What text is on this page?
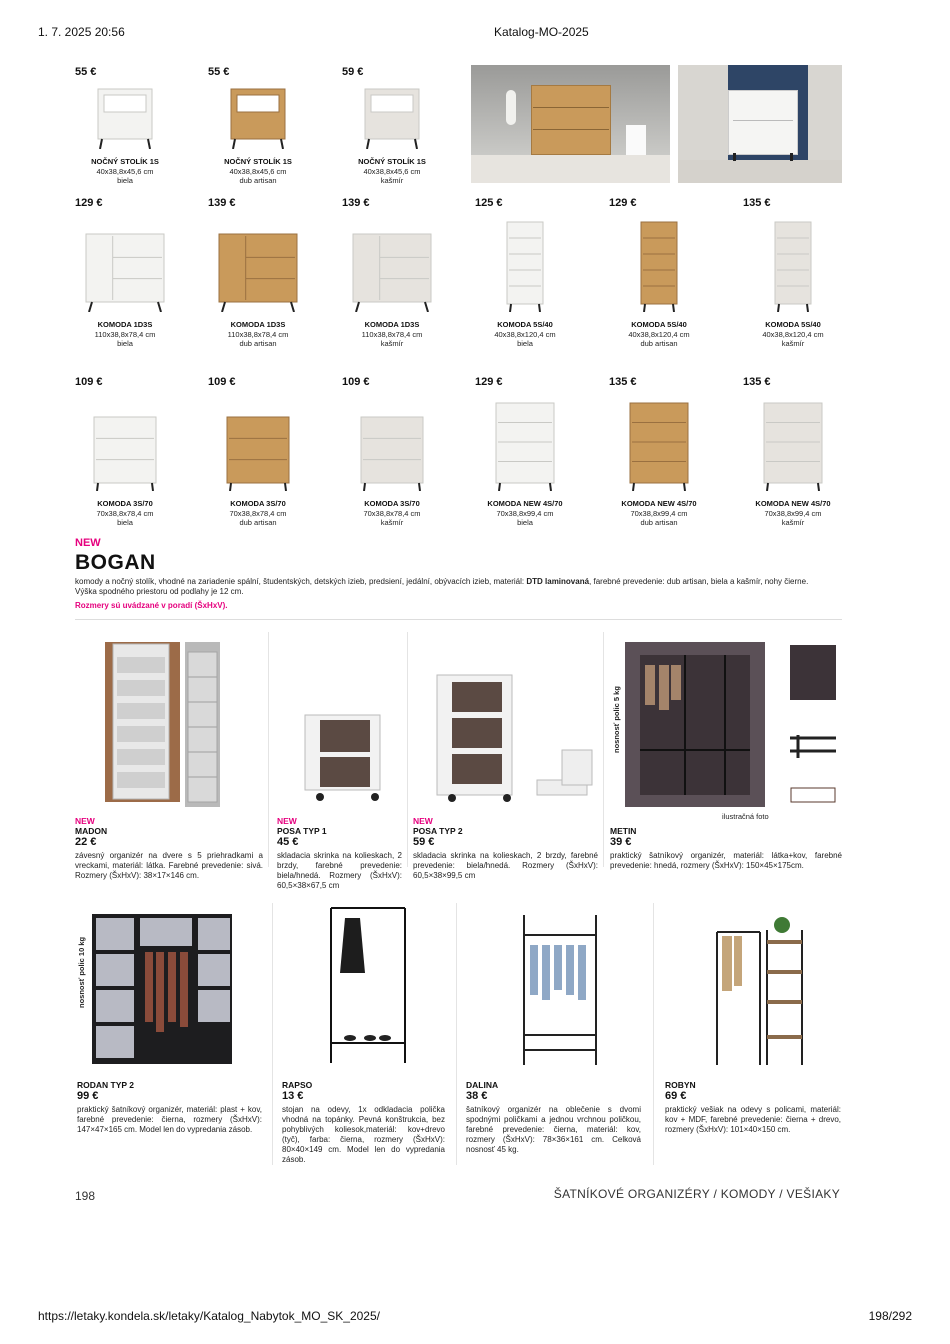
1. 7. 2025 20:56	Katalog-MO-2025
55 €
NOČNÝ STOLÍK 1S
40x38,8x45,6 cm
biela
55 €
NOČNÝ STOLÍK 1S
40x38,8x45,6 cm
dub artisan
59 €
NOČNÝ STOLÍK 1S
40x38,8x45,6 cm
kašmír
129 €
KOMODA 1D3S
110x38,8x78,4 cm
biela
139 €
KOMODA 1D3S
110x38,8x78,4 cm
dub artisan
139 €
KOMODA 1D3S
110x38,8x78,4 cm
kašmír
125 €
KOMODA 5S/40
40x38,8x120,4 cm
biela
129 €
KOMODA 5S/40
40x38,8x120,4 cm
dub artisan
135 €
KOMODA 5S/40
40x38,8x120,4 cm
kašmír
109 €
KOMODA 3S/70
70x38,8x78,4 cm
biela
109 €
KOMODA 3S/70
70x38,8x78,4 cm
dub artisan
109 €
KOMODA 3S/70
70x38,8x78,4 cm
kašmír
129 €
KOMODA NEW 4S/70
70x38,8x99,4 cm
biela
135 €
KOMODA NEW 4S/70
70x38,8x99,4 cm
dub artisan
135 €
KOMODA NEW 4S/70
70x38,8x99,4 cm
kašmír
NEW
BOGAN
komody a nočný stolík, vhodné na zariadenie spální, študentských, detských izieb, predsiení, jedální, obývacích izieb, materiál: DTD laminovaná, farebné prevedenie: dub artisan, biela a kašmír, nohy čierne.
Výška spodného priestoru od podlahy je 12 cm.
Rozmery sú uvádzané v poradí (ŠxHxV).
nosnosť polic 5 kg
ilustračná foto
NEW
MADON
22 €
závesný organizér na dvere s 5 priehradkami a vreckami, materiál: látka. Farebné prevedenie: sivá. Rozmery (ŠxHxV): 38×17×146 cm.
NEW
POSA TYP 1
45 €
skladacia skrinka na kolieskach, 2 brzdy, farebné prevedenie: biela/hnedá. Rozmery (ŠxHxV): 60,5×38×67,5 cm
NEW
POSA TYP 2
59 €
skladacia skrinka na kolieskach, 2 brzdy, farebné prevedenie: biela/hnedá. Rozmery (ŠxHxV): 60,5×38×99,5 cm
METIN
39 €
praktický šatníkový organizér, materiál: látka+kov, farebné prevedenie: hnedá, rozmery (ŠxHxV): 150×45×175cm.
nosnosť polic 10 kg
RODAN TYP 2
99 €
praktický šatníkový organizér, materiál: plast + kov, farebné prevedenie: čierna, rozmery (ŠxHxV): 147×47×165 cm. Model len do vypredania zásob.
RAPSO
13 €
stojan na odevy, 1x odkladacia polička vhodná na topánky. Pevná konštrukcia, bez pohyblivých koliesok,materiál: kov+drevo (tyč), farba: čierna, rozmery (ŠxHxV): 80×40×149 cm. Model len do vypredania zásob.
DALINA
38 €
šatníkový organizér na oblečenie s dvomi spodnými poličkami a jednou vrchnou poličkou, farebné prevedenie: čierna, materiál: kov, rozmery (ŠxHxV): 78×36×161 cm. Celková nosnosť 45 kg.
ROBYN
69 €
praktický vešiak na odevy s policami, materiál: kov + MDF, farebné prevedenie: čierna + drevo, rozmery (ŠxHxV): 101×40×150 cm.
198	ŠATNÍKOVÉ ORGANIZÉRY / KOMODY / VEŠIAKY
https://letaky.kondela.sk/letaky/Katalog_Nabytok_MO_SK_2025/	198/292
